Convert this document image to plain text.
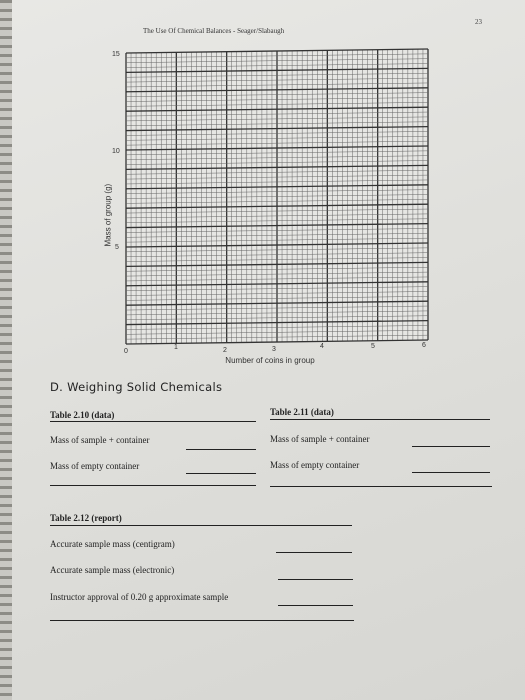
The Use Of Chemical Balances - Seager/Slabaugh
23
Mass of group (g)
0
1	2	3	4	5	6
5
10
15
Number of coins in group
D. Weighing Solid Chemicals
Table 2.10 (data)
Mass of sample + container
Mass of empty container
Table 2.11 (data)
Mass of sample + container
Mass of empty container
Table 2.12 (report)
Accurate sample mass (centigram)
Accurate sample mass (electronic)
Instructor approval of 0.20 g approximate sample
